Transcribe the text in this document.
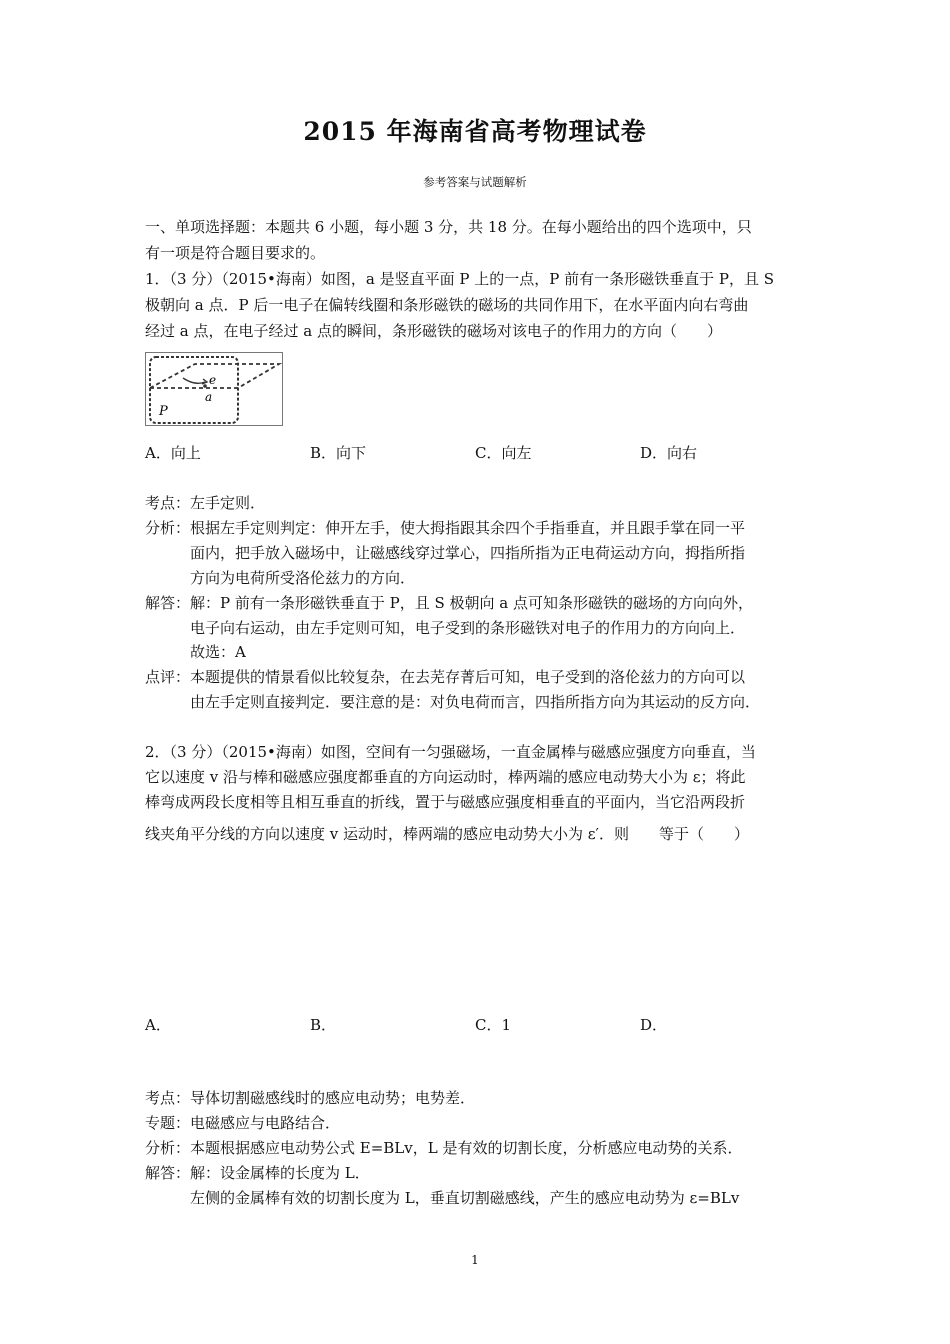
2015 年海南省高考物理试卷
参考答案与试题解析
一、单项选择题：本题共 6 小题，每小题 3 分，共 18 分。在每小题给出的四个选项中，只
有一项是符合题目要求的。
1．（3 分）（2015•海南）如图，a 是竖直平面 P 上的一点，P 前有一条形磁铁垂直于 P，且 S
极朝向 a 点．P 后一电子在偏转线圈和条形磁铁的磁场的共同作用下，在水平面内向右弯曲
经过 a 点，在电子经过 a 点的瞬间，条形磁铁的磁场对该电子的作用力的方向（　　）
e
a
P
A．向上	B．向下	C．向左	D．向右
考点：左手定则．
分析：根据左手定则判定：伸开左手，使大拇指跟其余四个手指垂直，并且跟手掌在同一平
面内，把手放入磁场中，让磁感线穿过掌心，四指所指为正电荷运动方向，拇指所指
方向为电荷所受洛伦兹力的方向．
解答：解：P 前有一条形磁铁垂直于 P，且 S 极朝向 a 点可知条形磁铁的磁场的方向向外，
电子向右运动，由左手定则可知，电子受到的条形磁铁对电子的作用力的方向向上．
故选：A
点评：本题提供的情景看似比较复杂，在去芜存菁后可知，电子受到的洛伦兹力的方向可以
由左手定则直接判定．要注意的是：对负电荷而言，四指所指方向为其运动的反方向．
2．（3 分）（2015•海南）如图，空间有一匀强磁场，一直金属棒与磁感应强度方向垂直，当
它以速度 v 沿与棒和磁感应强度都垂直的方向运动时，棒两端的感应电动势大小为 ε；将此
棒弯成两段长度相等且相互垂直的折线，置于与磁感应强度相垂直的平面内，当它沿两段折
线夹角平分线的方向以速度 v 运动时，棒两端的感应电动势大小为 ε′．则　　等于（　　）
A．	B．	C．1	D．
考点：导体切割磁感线时的感应电动势；电势差．
专题：电磁感应与电路结合．
分析：本题根据感应电动势公式 E=BLv，L 是有效的切割长度，分析感应电动势的关系．
解答：解：设金属棒的长度为 L．
左侧的金属棒有效的切割长度为 L，垂直切割磁感线，产生的感应电动势为 ε=BLv
1
